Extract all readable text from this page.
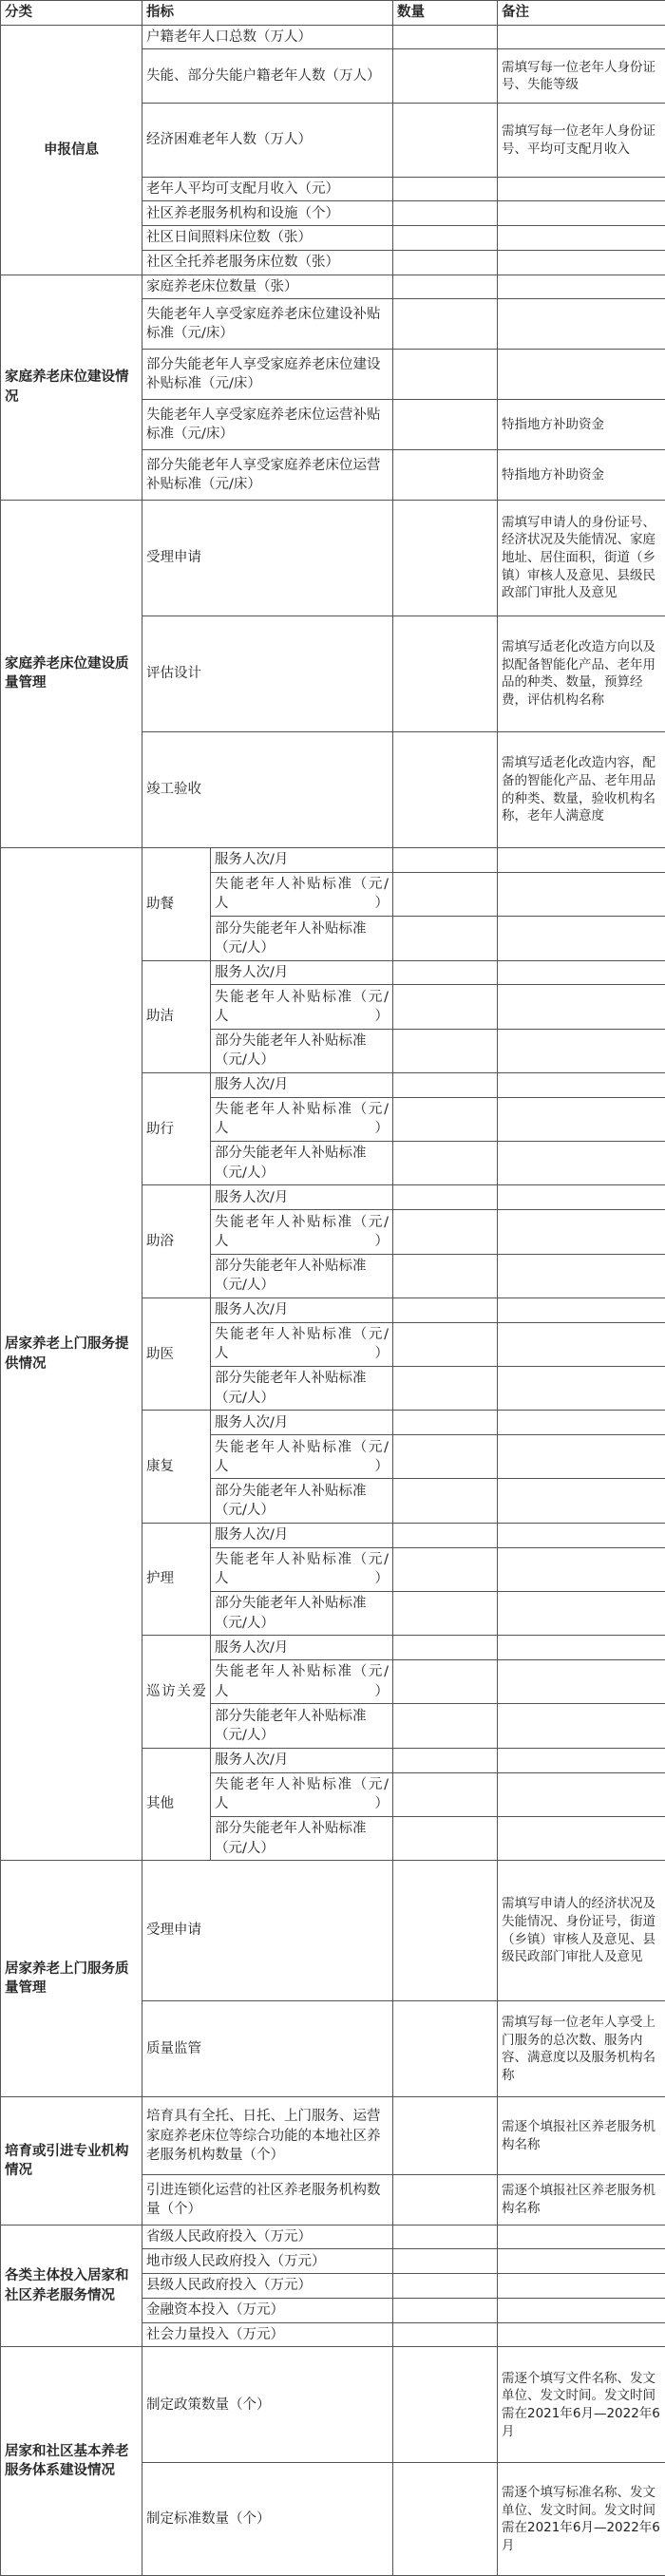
分类	指标		数量	备注
申报信息	户籍老年人口总数（万人）			
	失能、部分失能户籍老年人数（万人）			需填写每一位老年人身份证号、失能等级
	经济困难老年人数（万人）			需填写每一位老年人身份证号、平均可支配月收入
	老年人平均可支配月收入（元）			
	社区养老服务机构和设施（个）			
	社区日间照料床位数（张）			
	社区全托养老服务床位数（张）			
家庭养老床位建设情况	家庭养老床位数量（张）			
	失能老年人享受家庭养老床位建设补贴标准（元/床）			
	部分失能老年人享受家庭养老床位建设补贴标准（元/床）			
	失能老年人享受家庭养老床位运营补贴标准（元/床）			特指地方补助资金
	部分失能老年人享受家庭养老床位运营补贴标准（元/床）			特指地方补助资金
家庭养老床位建设质量管理	受理申请			需填写申请人的身份证号、经济状况及失能情况、家庭地址、居住面积，街道（乡镇）审核人及意见、县级民政部门审批人及意见
	评估设计			需填写适老化改造方向以及拟配备智能化产品、老年用品的种类、数量，预算经费，评估机构名称
	竣工验收			需填写适老化改造内容，配备的智能化产品、老年用品的种类、数量，验收机构名称，老年人满意度
居家养老上门服务提供情况	助餐	服务人次/月		
		失能老年人补贴标准（元/人）		
		部分失能老年人补贴标准（元/人）		
	助洁	服务人次/月		
		失能老年人补贴标准（元/人）		
		部分失能老年人补贴标准（元/人）		
	助行	服务人次/月		
		失能老年人补贴标准（元/人）		
		部分失能老年人补贴标准（元/人）		
	助浴	服务人次/月		
		失能老年人补贴标准（元/人）		
		部分失能老年人补贴标准（元/人）		
	助医	服务人次/月		
		失能老年人补贴标准（元/人）		
		部分失能老年人补贴标准（元/人）		
	康复	服务人次/月		
		失能老年人补贴标准（元/人）		
		部分失能老年人补贴标准（元/人）		
	护理	服务人次/月		
		失能老年人补贴标准（元/人）		
		部分失能老年人补贴标准（元/人）		
	巡访关爱	服务人次/月		
		失能老年人补贴标准（元/人）		
		部分失能老年人补贴标准（元/人）		
	其他	服务人次/月		
		失能老年人补贴标准（元/人）		
		部分失能老年人补贴标准（元/人）		
居家养老上门服务质量管理	受理申请			需填写申请人的经济状况及失能情况、身份证号，街道（乡镇）审核人及意见、县级民政部门审批人及意见
	质量监管			需填写每一位老年人享受上门服务的总次数、服务内容、满意度以及服务机构名称
培育或引进专业机构情况	培育具有全托、日托、上门服务、运营家庭养老床位等综合功能的本地社区养老服务机构数量（个）			需逐个填报社区养老服务机构名称
	引进连锁化运营的社区养老服务机构数量（个）			需逐个填报社区养老服务机构名称
各类主体投入居家和社区养老服务情况	省级人民政府投入（万元）			
	地市级人民政府投入（万元）			
	县级人民政府投入（万元）			
	金融资本投入（万元）			
	社会力量投入（万元）			
居家和社区基本养老服务体系建设情况	制定政策数量（个）			需逐个填写文件名称、发文单位、发文时间。发文时间需在2021年6月—2022年6月
	制定标准数量（个）			需逐个填写标准名称、发文单位、发文时间。发文时间需在2021年6月—2022年6月
